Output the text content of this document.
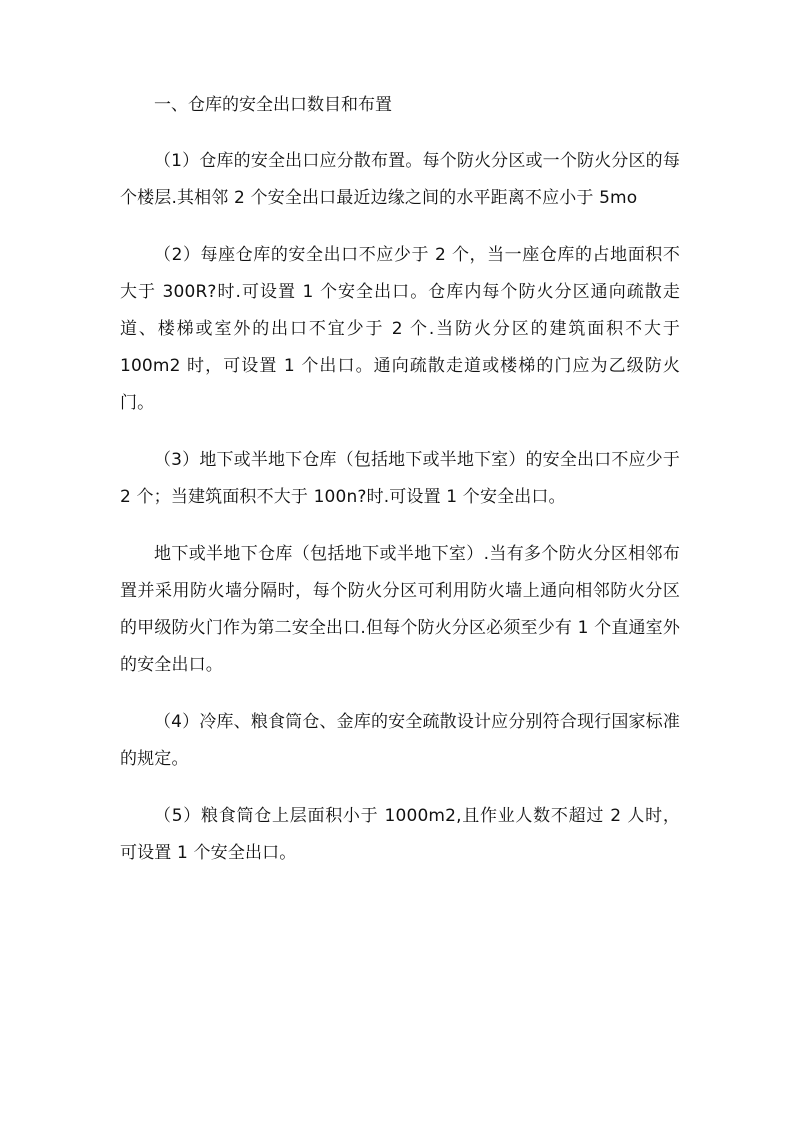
一、仓库的安全出口数目和布置

（1）仓库的安全出口应分散布置。每个防火分区或一个防火分区的每个楼层.其相邻 2 个安全出口最近边缘之间的水平距离不应小于 5mo

（2）每座仓库的安全出口不应少于 2 个，当一座仓库的占地面积不大于 300R?时.可设置 1 个安全出口。仓库内每个防火分区通向疏散走道、楼梯或室外的出口不宜少于 2 个.当防火分区的建筑面积不大于 100m2 时，可设置 1 个出口。通向疏散走道或楼梯的门应为乙级防火门。

（3）地下或半地下仓库（包括地下或半地下室）的安全出口不应少于 2 个；当建筑面积不大于 100n?时.可设置 1 个安全出口。

地下或半地下仓库（包括地下或半地下室）.当有多个防火分区相邻布置并采用防火墙分隔时，每个防火分区可利用防火墙上通向相邻防火分区的甲级防火门作为第二安全出口.但每个防火分区必须至少有 1 个直通室外的安全出口。

（4）冷库、粮食筒仓、金库的安全疏散设计应分别符合现行国家标准的规定。

（5）粮食筒仓上层面积小于 1000m2,且作业人数不超过 2 人时，可设置 1 个安全出口。
